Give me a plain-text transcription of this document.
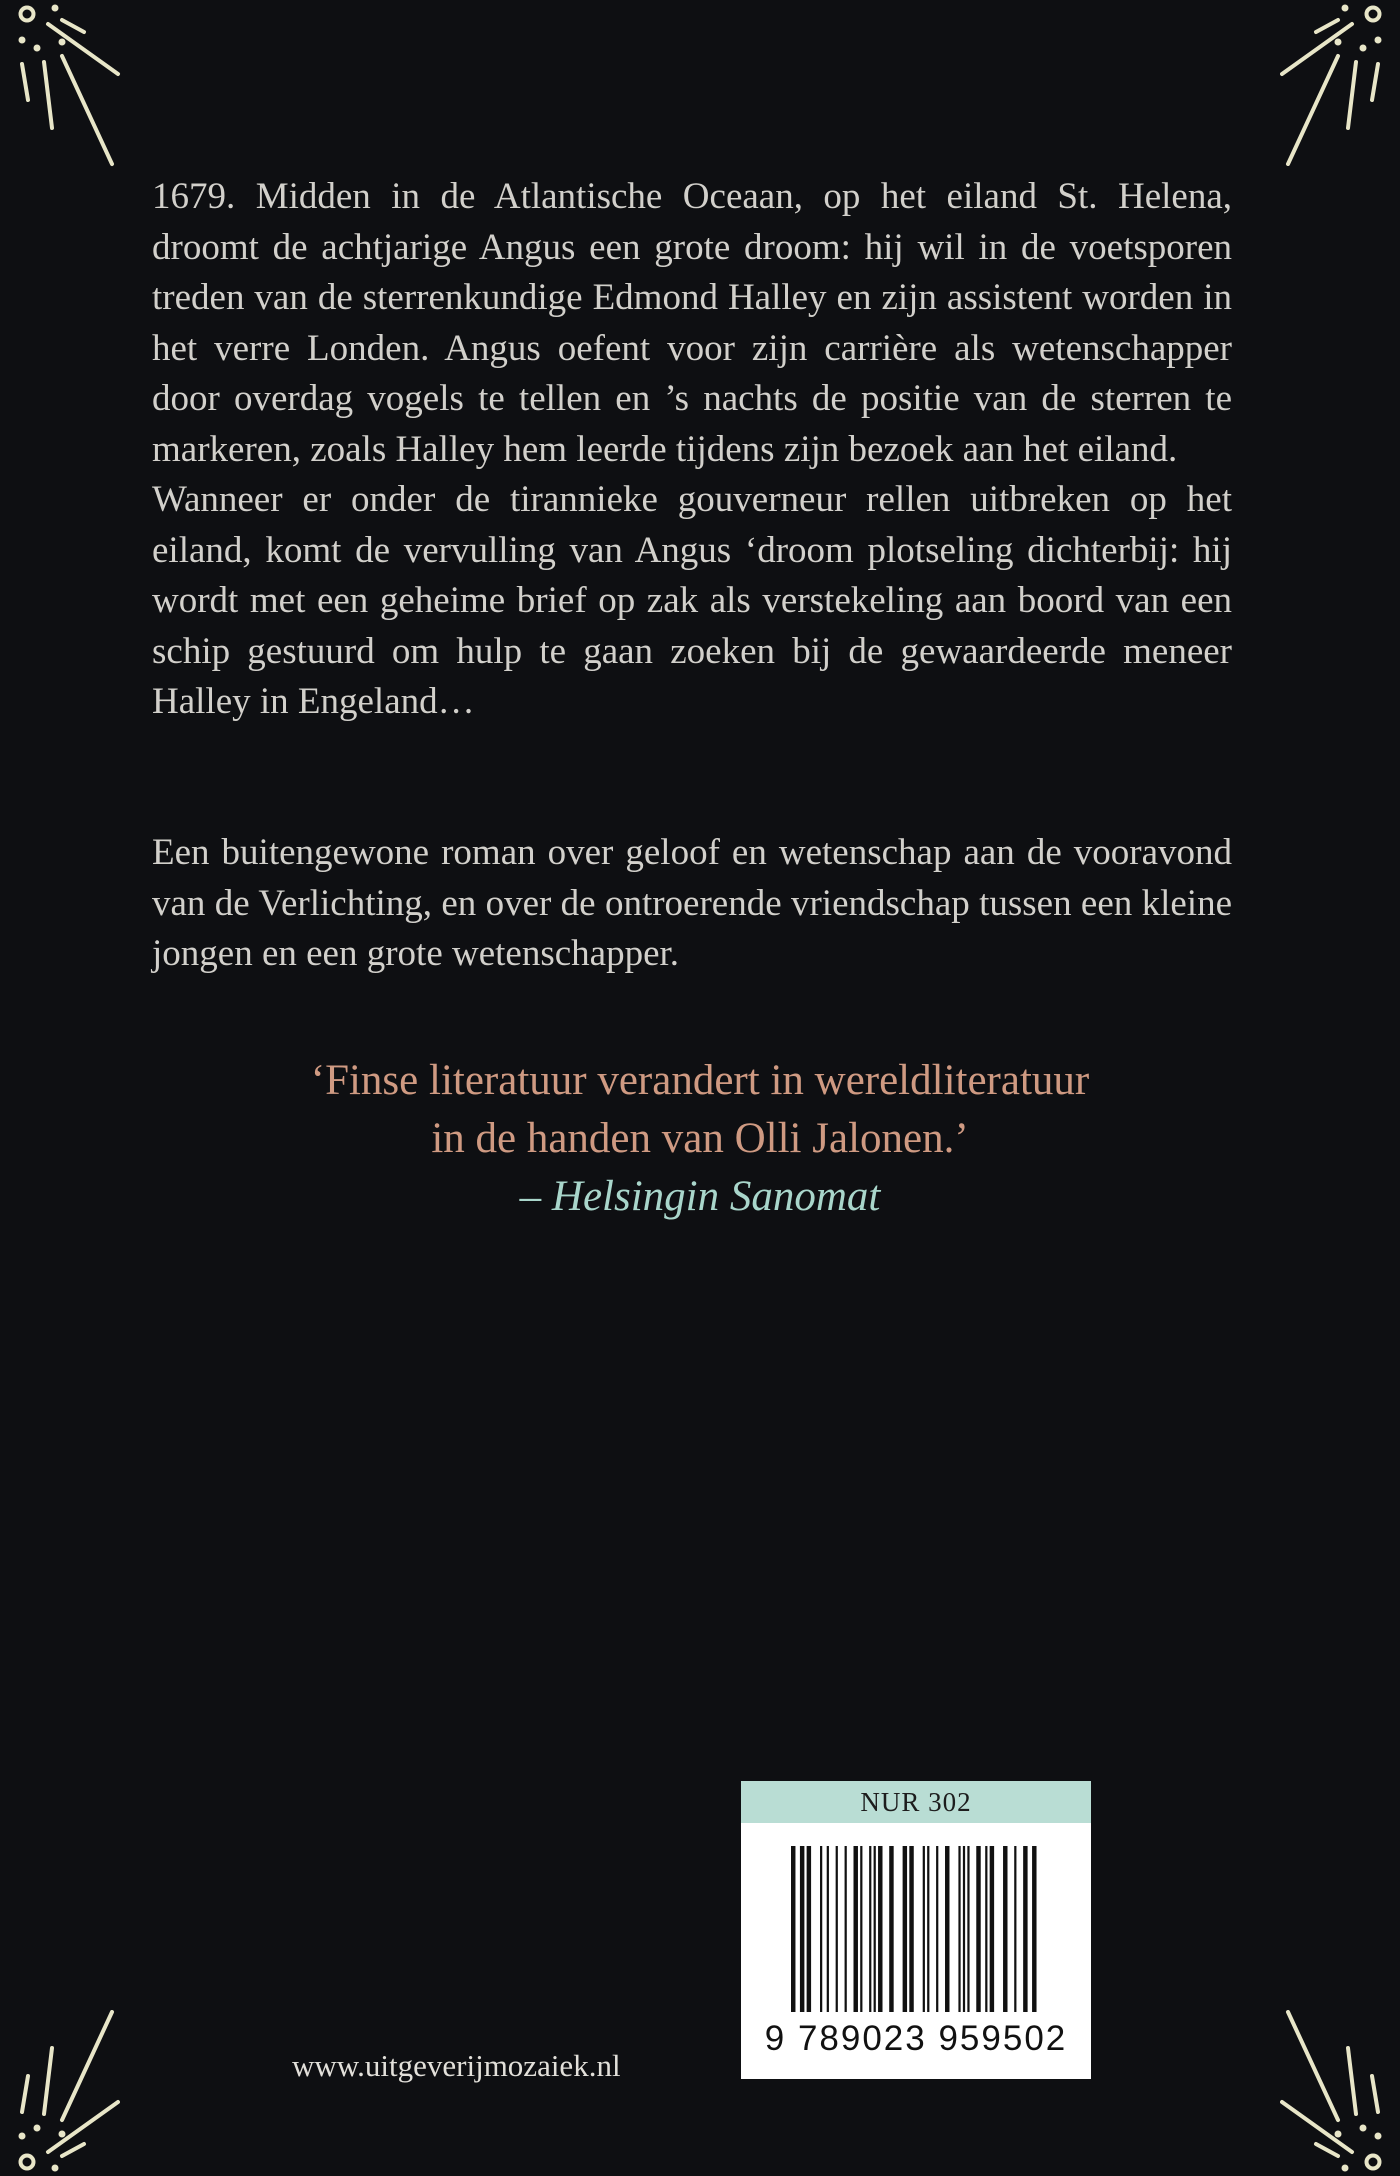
1679. Midden in de Atlantische Oceaan, op het eiland St. Helena, droomt de achtjarige Angus een grote droom: hij wil in de voetsporen treden van de sterrenkundige Edmond Halley en zijn assistent worden in het verre Londen. Angus oefent voor zijn carrière als wetenschapper door overdag vogels te tellen en ’s nachts de positie van de sterren te markeren, zoals Halley hem leerde tijdens zijn bezoek aan het eiland.

Wanneer er onder de tirannieke gouverneur rellen uitbreken op het eiland, komt de vervulling van Angus ‘droom plotseling dichterbij: hij wordt met een geheime brief op zak als verstekeling aan boord van een schip gestuurd om hulp te gaan zoeken bij de gewaardeerde meneer Halley in Engeland…

Een buitengewone roman over geloof en wetenschap aan de vooravond van de Verlichting, en over de ontroerende vriendschap tussen een kleine jongen en een grote wetenschapper.

‘Finse literatuur verandert in wereldliteratuur
in de handen van Olli Jalonen.’
– Helsingin Sanomat
www.uitgeverijmozaiek.nl
NUR 302
9 789023 959502
